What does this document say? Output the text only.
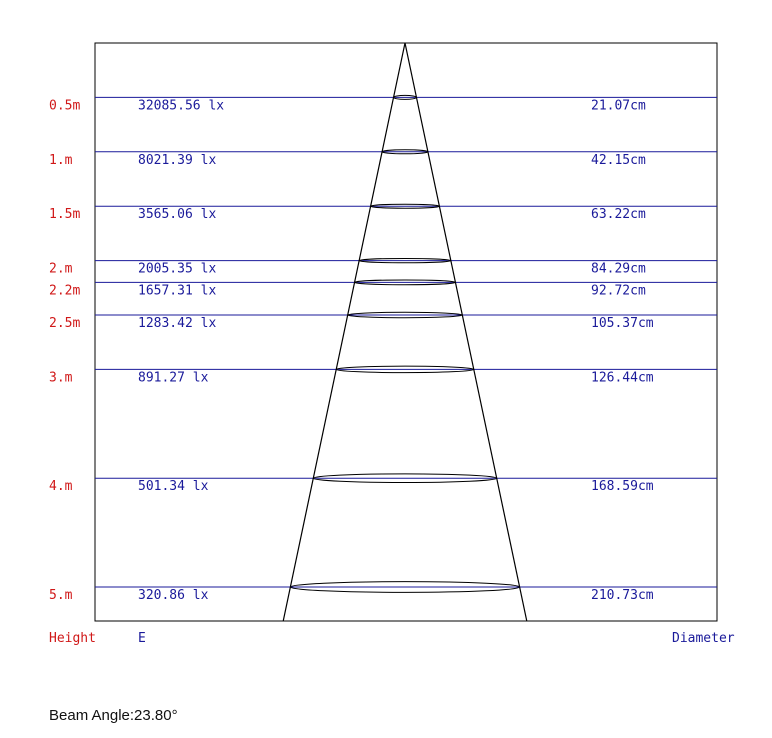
0.5m	32085.56 lx	21.07cm
1.m	8021.39 lx	42.15cm
1.5m	3565.06 lx	63.22cm
2.m	2005.35 lx	84.29cm
2.2m	1657.31 lx	92.72cm
2.5m	1283.42 lx	105.37cm
3.m	891.27 lx	126.44cm
4.m	501.34 lx	168.59cm
5.m	320.86 lx	210.73cm
Height	E	Diameter
Beam Angle:23.80°
